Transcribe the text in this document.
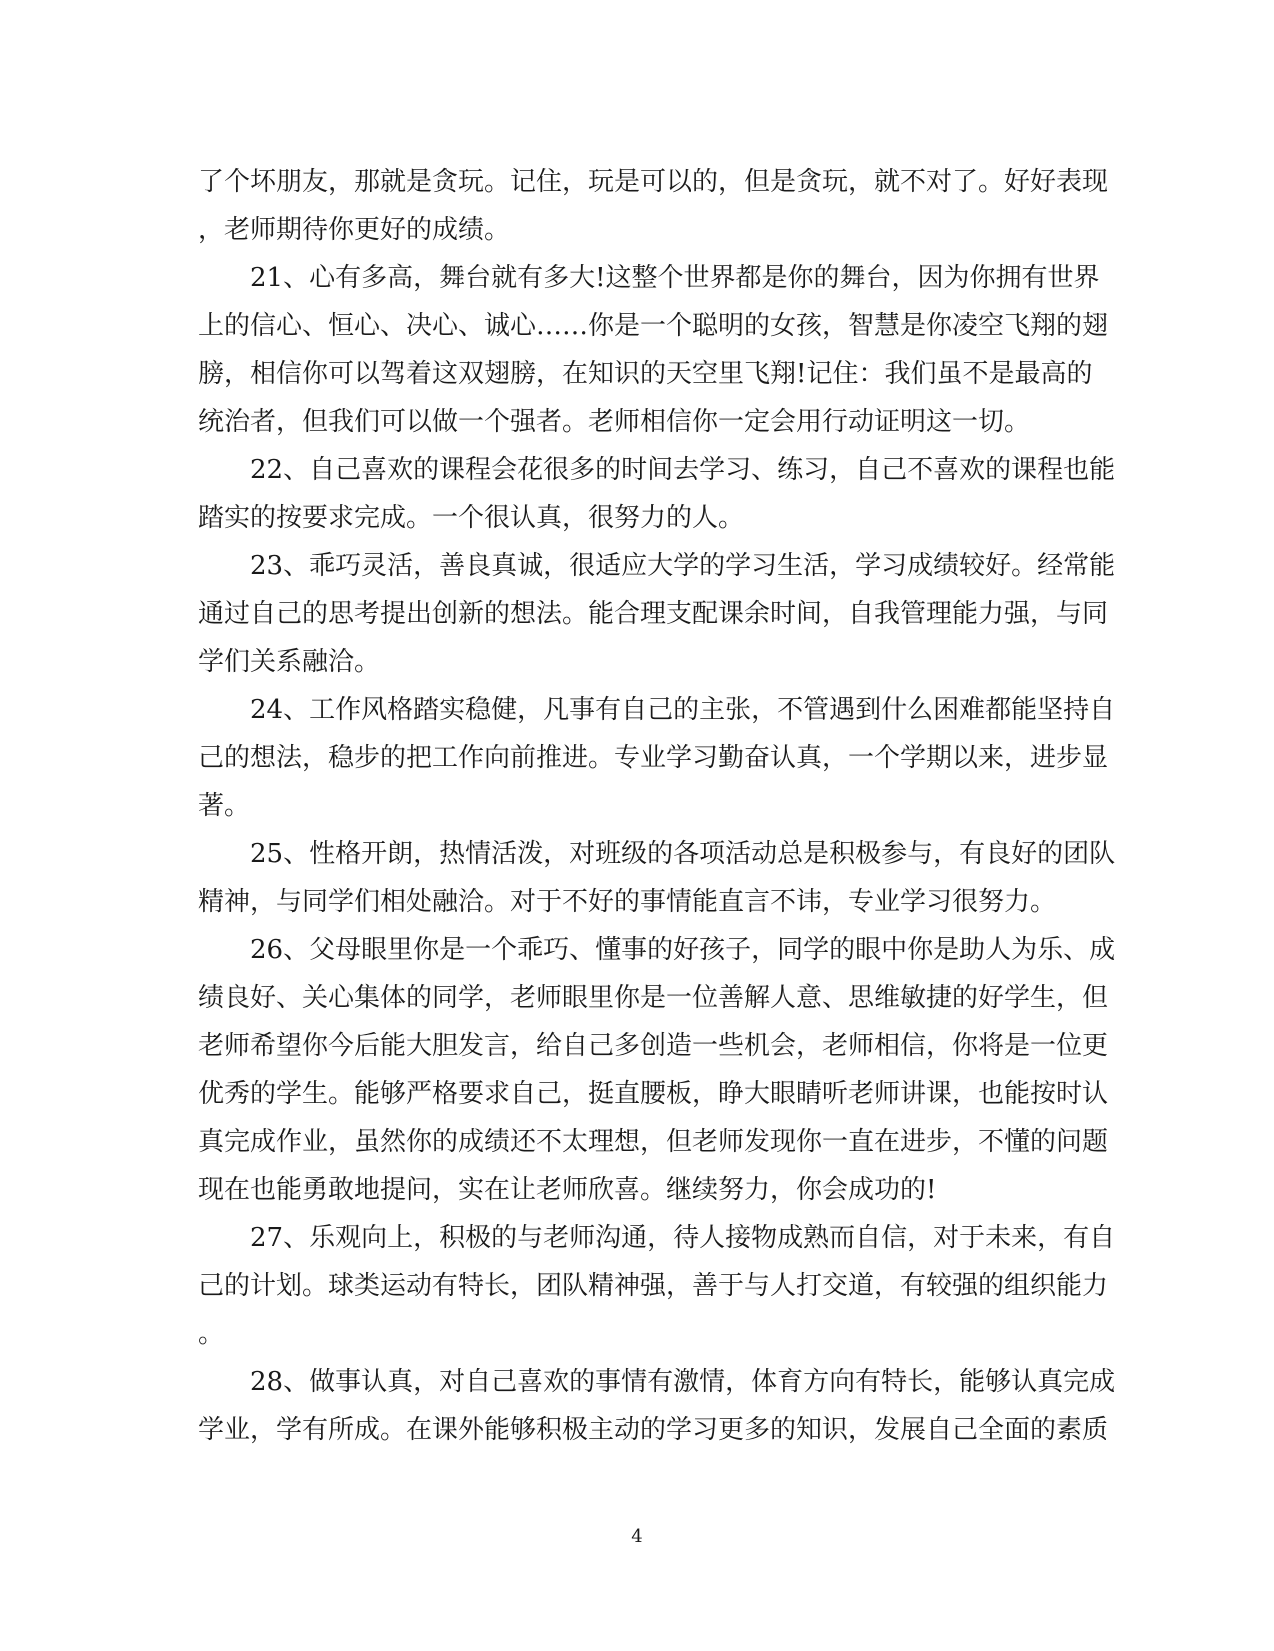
了个坏朋友，那就是贪玩。记住，玩是可以的，但是贪玩，就不对了。好好表现
，老师期待你更好的成绩。
21、心有多高，舞台就有多大!这整个世界都是你的舞台，因为你拥有世界
上的信心、恒心、决心、诚心……你是一个聪明的女孩，智慧是你凌空飞翔的翅
膀，相信你可以驾着这双翅膀，在知识的天空里飞翔!记住：我们虽不是最高的
统治者，但我们可以做一个强者。老师相信你一定会用行动证明这一切。
22、自己喜欢的课程会花很多的时间去学习、练习，自己不喜欢的课程也能
踏实的按要求完成。一个很认真，很努力的人。
23、乖巧灵活，善良真诚，很适应大学的学习生活，学习成绩较好。经常能
通过自己的思考提出创新的想法。能合理支配课余时间，自我管理能力强，与同
学们关系融洽。
24、工作风格踏实稳健，凡事有自己的主张，不管遇到什么困难都能坚持自
己的想法，稳步的把工作向前推进。专业学习勤奋认真，一个学期以来，进步显
著。
25、性格开朗，热情活泼，对班级的各项活动总是积极参与，有良好的团队
精神，与同学们相处融洽。对于不好的事情能直言不讳，专业学习很努力。
26、父母眼里你是一个乖巧、懂事的好孩子，同学的眼中你是助人为乐、成
绩良好、关心集体的同学，老师眼里你是一位善解人意、思维敏捷的好学生，但
老师希望你今后能大胆发言，给自己多创造一些机会，老师相信，你将是一位更
优秀的学生。能够严格要求自己，挺直腰板，睁大眼睛听老师讲课，也能按时认
真完成作业，虽然你的成绩还不太理想，但老师发现你一直在进步，不懂的问题
现在也能勇敢地提问，实在让老师欣喜。继续努力，你会成功的!
27、乐观向上，积极的与老师沟通，待人接物成熟而自信，对于未来，有自
己的计划。球类运动有特长，团队精神强，善于与人打交道，有较强的组织能力
。
28、做事认真，对自己喜欢的事情有激情，体育方向有特长，能够认真完成
学业，学有所成。在课外能够积极主动的学习更多的知识，发展自己全面的素质
4
